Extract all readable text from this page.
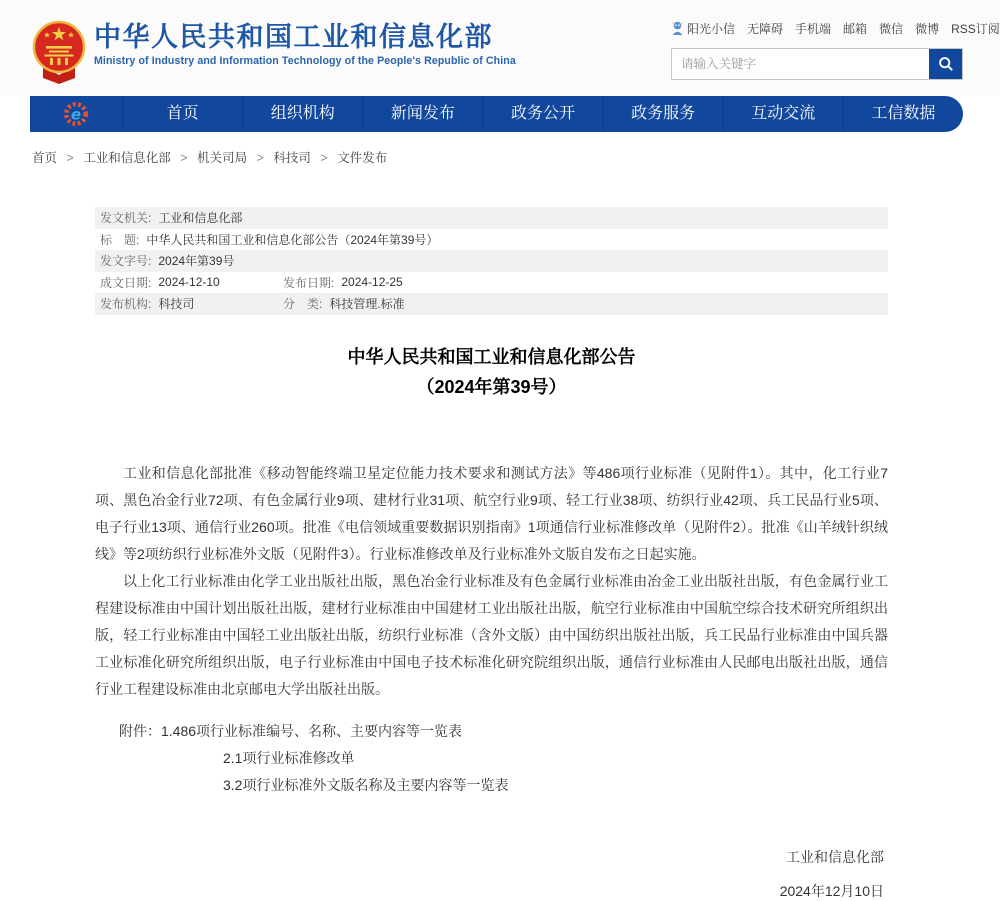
中华人民共和国工业和信息化部
Ministry of Industry and Information Technology of the People's Republic of China
阳光小信 无障碍 手机端 邮箱 微信 微博 RSS订阅
请输入关键字
e	首页	组织机构	新闻发布	政务公开	政务服务	互动交流	工信数据
首页 > 工业和信息化部 > 机关司局 > 科技司 > 文件发布
发文机关: 工业和信息化部
标　题: 中华人民共和国工业和信息化部公告（2024年第39号）
发文字号: 2024年第39号
成文日期: 2024-12-10	发布日期: 2024-12-25
发布机构: 科技司	分　类: 科技管理.标准
中华人民共和国工业和信息化部公告
（2024年第39号）

工业和信息化部批准《移动智能终端卫星定位能力技术要求和测试方法》等486项行业标准（见附件1）。其中，化工行业7项、黑色冶金行业72项、有色金属行业9项、建材行业31项、航空行业9项、轻工行业38项、纺织行业42项、兵工民品行业5项、电子行业13项、通信行业260项。批准《电信领域重要数据识别指南》1项通信行业标准修改单（见附件2）。批准《山羊绒针织绒线》等2项纺织行业标准外文版（见附件3）。行业标准修改单及行业标准外文版自发布之日起实施。

以上化工行业标准由化学工业出版社出版，黑色冶金行业标准及有色金属行业标准由冶金工业出版社出版，有色金属行业工程建设标准由中国计划出版社出版，建材行业标准由中国建材工业出版社出版，航空行业标准由中国航空综合技术研究所组织出版，轻工行业标准由中国轻工业出版社出版，纺织行业标准（含外文版）由中国纺织出版社出版，兵工民品行业标准由中国兵器工业标准化研究所组织出版，电子行业标准由中国电子技术标准化研究院组织出版，通信行业标准由人民邮电出版社出版，通信行业工程建设标准由北京邮电大学出版社出版。

附件： 1.486项行业标准编号、名称、主要内容等一览表
2.1项行业标准修改单
3.2项行业标准外文版名称及主要内容等一览表
工业和信息化部
2024年12月10日
